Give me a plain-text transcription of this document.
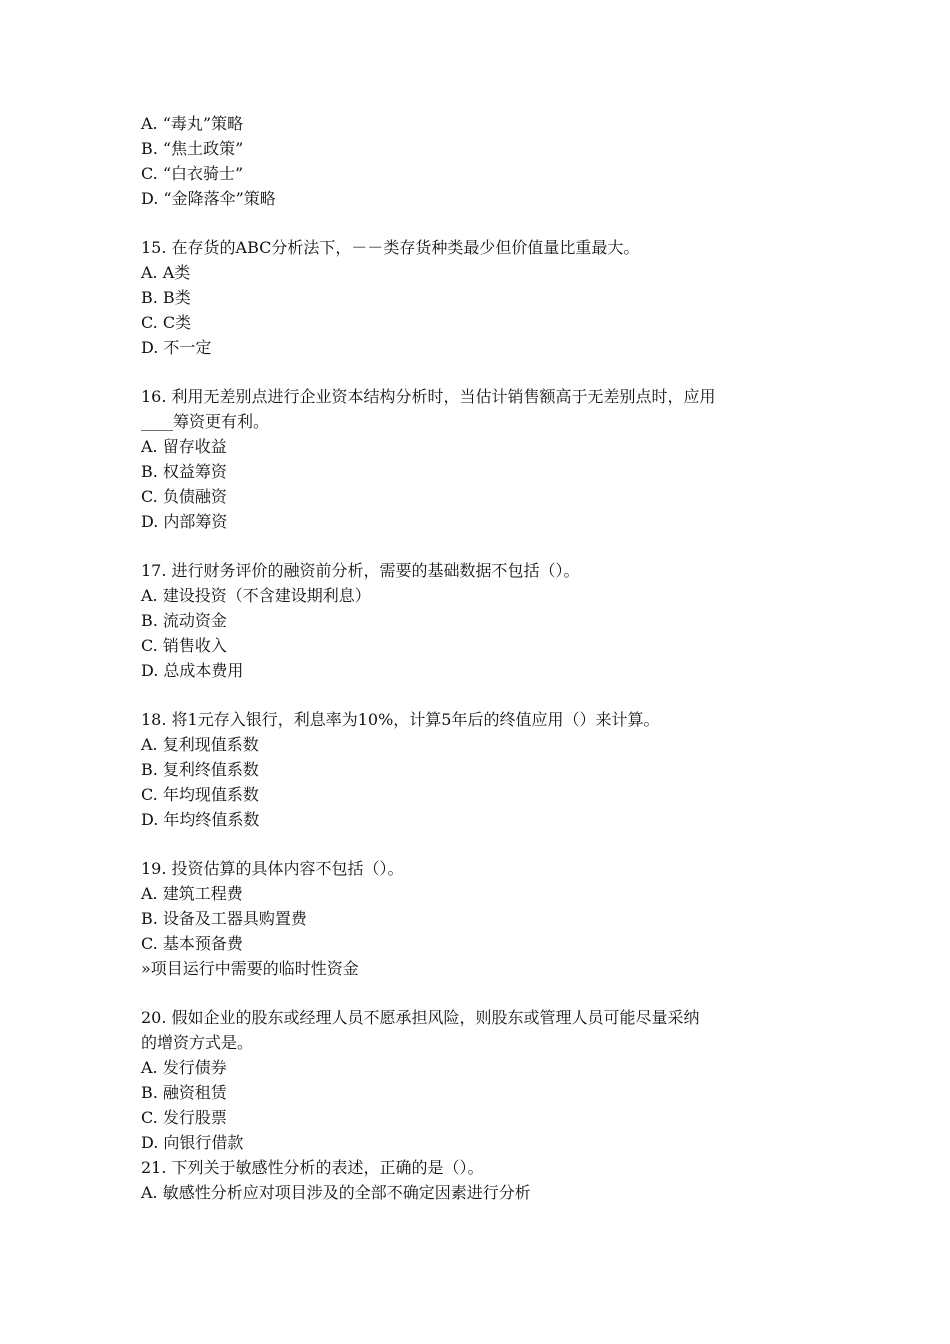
A. “毒丸”策略
B. “焦土政策”
C. “白衣骑士”
D. “金降落伞”策略
15. 在存货的ABC分析法下，－－类存货种类最少但价值量比重最大。
A. A类
B. B类
C. C类
D. 不一定
16. 利用无差别点进行企业资本结构分析时，当估计销售额高于无差别点时，应用
____筹资更有利。
A. 留存收益
B. 权益筹资
C. 负债融资
D. 内部筹资
17. 进行财务评价的融资前分析，需要的基础数据不包括（）。
A. 建设投资（不含建设期利息）
B. 流动资金
C. 销售收入
D. 总成本费用
18. 将1元存入银行，利息率为10%，计算5年后的终值应用（）来计算。
A. 复利现值系数
B. 复利终值系数
C. 年均现值系数
D. 年均终值系数
19. 投资估算的具体内容不包括（）。
A. 建筑工程费
B. 设备及工器具购置费
C. 基本预备费
»项目运行中需要的临时性资金
20. 假如企业的股东或经理人员不愿承担风险，则股东或管理人员可能尽量采纳
的增资方式是。
A. 发行债券
B. 融资租赁
C. 发行股票
D. 向银行借款
21. 下列关于敏感性分析的表述，正确的是（）。
A. 敏感性分析应对项目涉及的全部不确定因素进行分析
